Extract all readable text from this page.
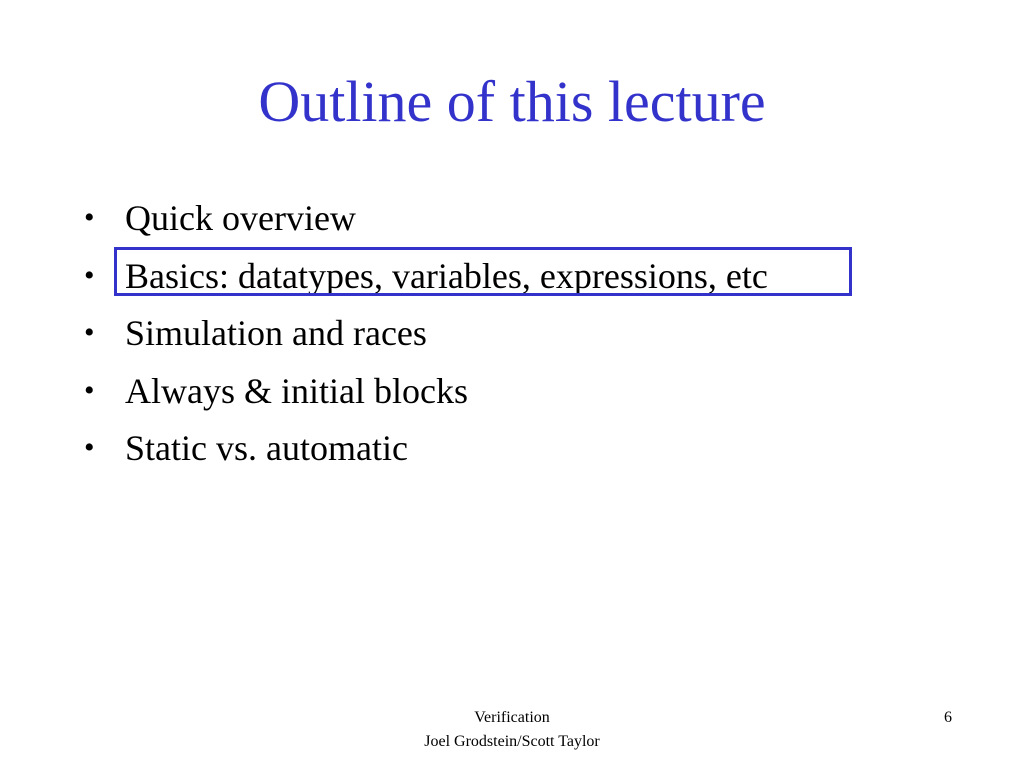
Outline of this lecture
• Quick overview
• Basics: datatypes, variables, expressions, etc
• Simulation and races
• Always & initial blocks
• Static vs. automatic
Verification
Joel Grodstein/Scott Taylor
6
